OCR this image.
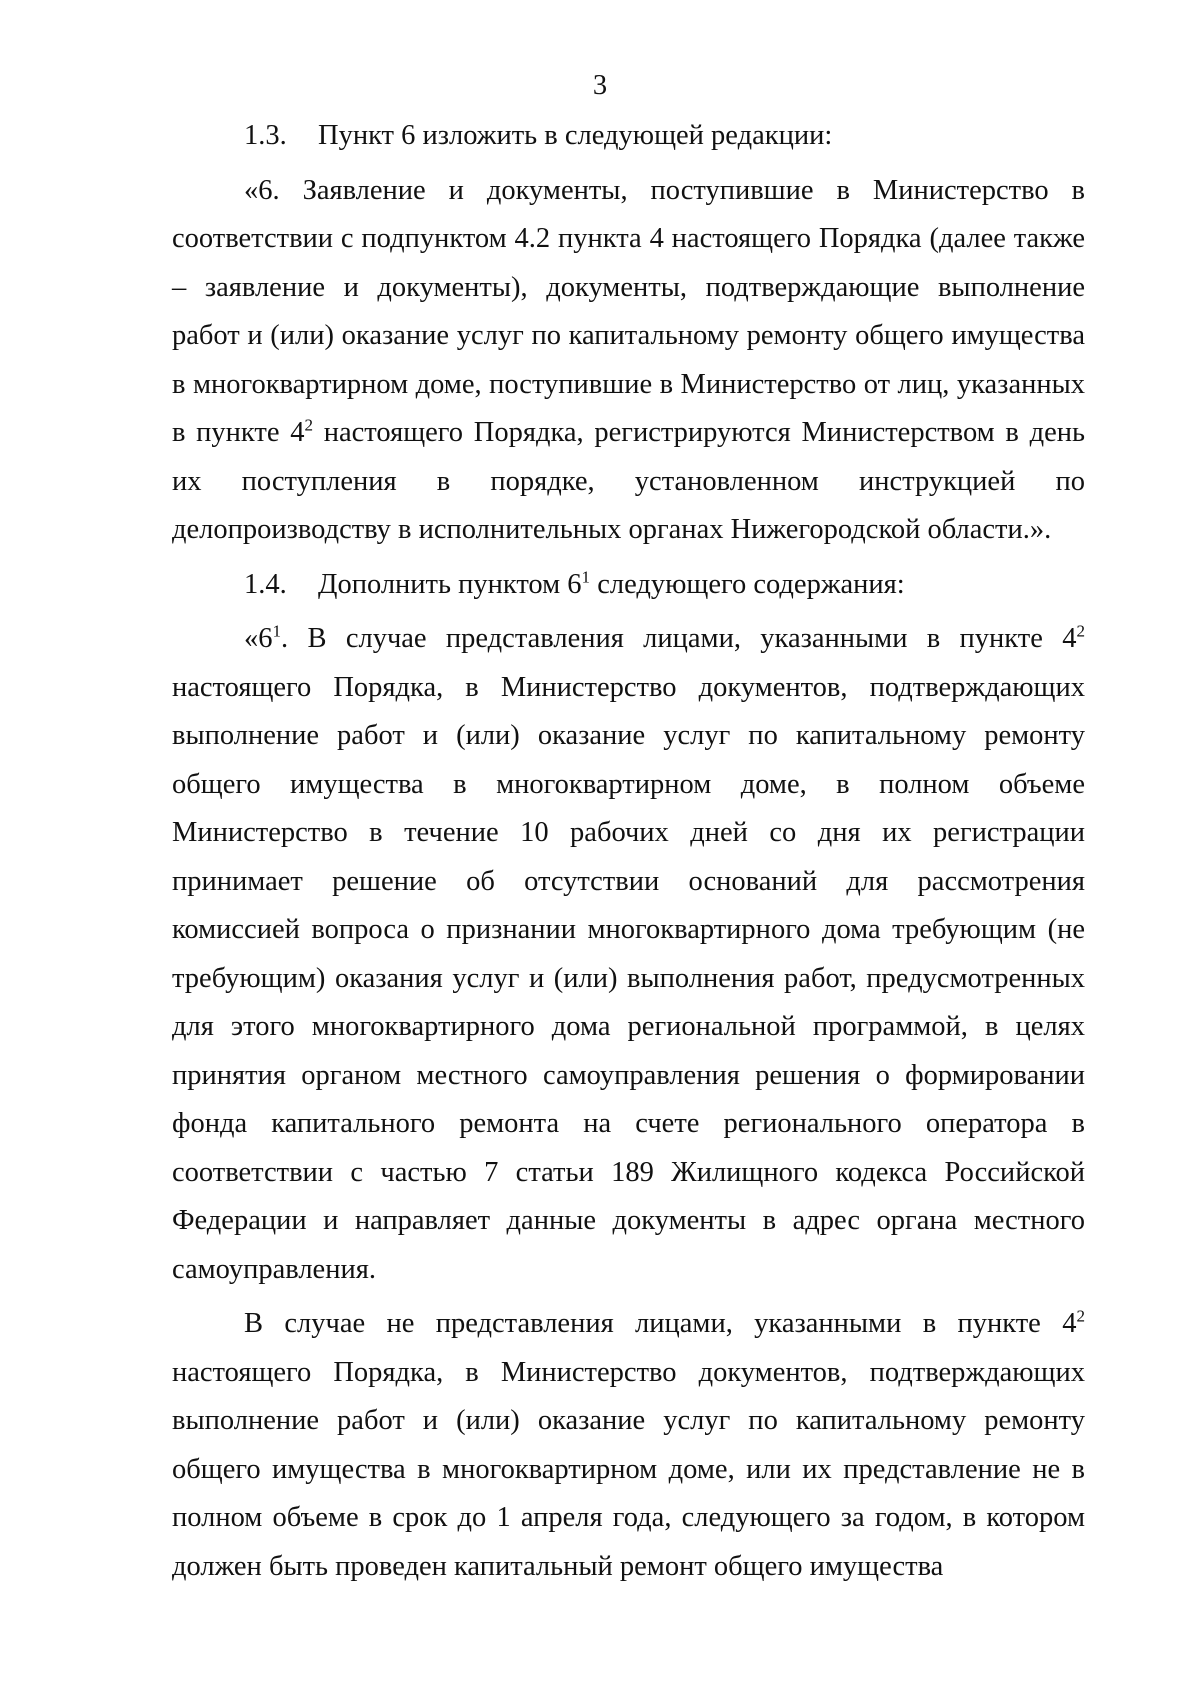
3

1.3. Пункт 6 изложить в следующей редакции:

«6. Заявление и документы, поступившие в Министерство в соответствии с подпунктом 4.2 пункта 4 настоящего Порядка (далее также – заявление и документы), документы, подтверждающие выполнение работ и (или) оказание услуг по капитальному ремонту общего имущества в многоквартирном доме, поступившие в Министерство от лиц, указанных в пункте $4^2$ настоящего Порядка, регистрируются Министерством в день их поступления в порядке, установленном инструкцией по делопроизводству в исполнительных органах Нижегородской области.».

1.4. Дополнить пунктом $6^1$ следующего содержания:

«$6^1$. В случае представления лицами, указанными в пункте $4^2$ настоящего Порядка, в Министерство документов, подтверждающих выполнение работ и (или) оказание услуг по капитальному ремонту общего имущества в многоквартирном доме, в полном объеме Министерство в течение 10 рабочих дней со дня их регистрации принимает решение об отсутствии оснований для рассмотрения комиссией вопроса о признании многоквартирного дома требующим (не требующим) оказания услуг и (или) выполнения работ, предусмотренных для этого многоквартирного дома региональной программой, в целях принятия органом местного самоуправления решения о формировании фонда капитального ремонта на счете регионального оператора в соответствии с частью 7 статьи 189 Жилищного кодекса Российской Федерации и направляет данные документы в адрес органа местного самоуправления.

В случае не представления лицами, указанными в пункте $4^2$ настоящего Порядка, в Министерство документов, подтверждающих выполнение работ и (или) оказание услуг по капитальному ремонту общего имущества в многоквартирном доме, или их представление не в полном объеме в срок до 1 апреля года, следующего за годом, в котором должен быть проведен капитальный ремонт общего имущества
